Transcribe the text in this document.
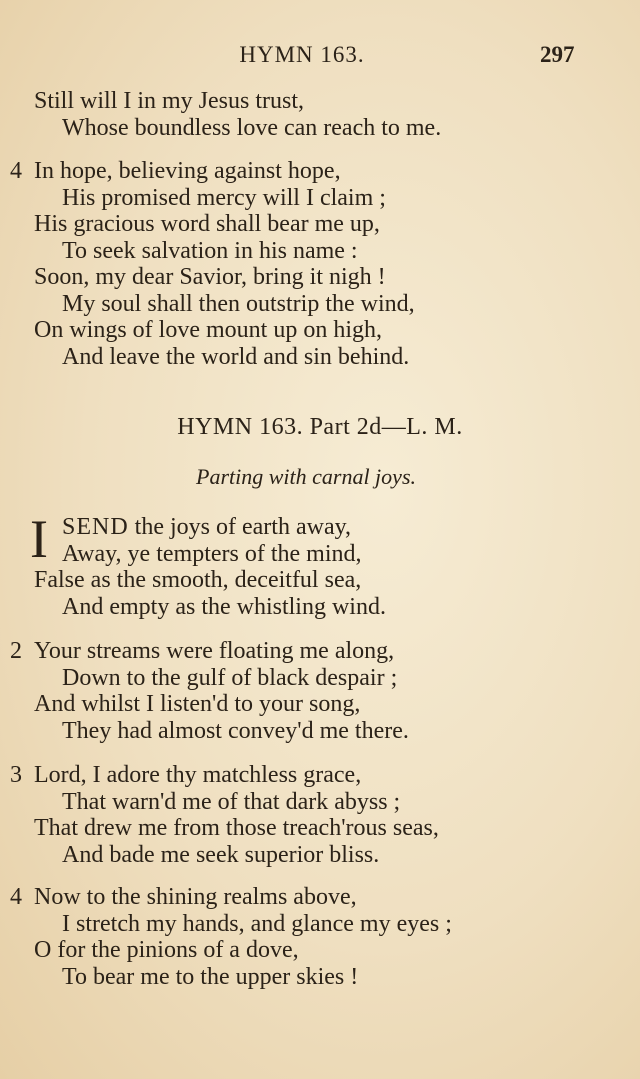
HYMN 163.	297
Still will I in my Jesus trust,
Whose boundless love can reach to me.
4 In hope, believing against hope,
His promised mercy will I claim ;
His gracious word shall bear me up,
To seek salvation in his name :
Soon, my dear Savior, bring it nigh !
My soul shall then outstrip the wind,
On wings of love mount up on high,
And leave the world and sin behind.
HYMN 163. Part 2d—L. M.
Parting with carnal joys.
I SEND the joys of earth away,
Away, ye tempters of the mind,
False as the smooth, deceitful sea,
And empty as the whistling wind.
2 Your streams were floating me along,
Down to the gulf of black despair ;
And whilst I listen'd to your song,
They had almost convey'd me there.
3 Lord, I adore thy matchless grace,
That warn'd me of that dark abyss ;
That drew me from those treach'rous seas,
And bade me seek superior bliss.
4 Now to the shining realms above,
I stretch my hands, and glance my eyes ;
O for the pinions of a dove,
To bear me to the upper skies !
